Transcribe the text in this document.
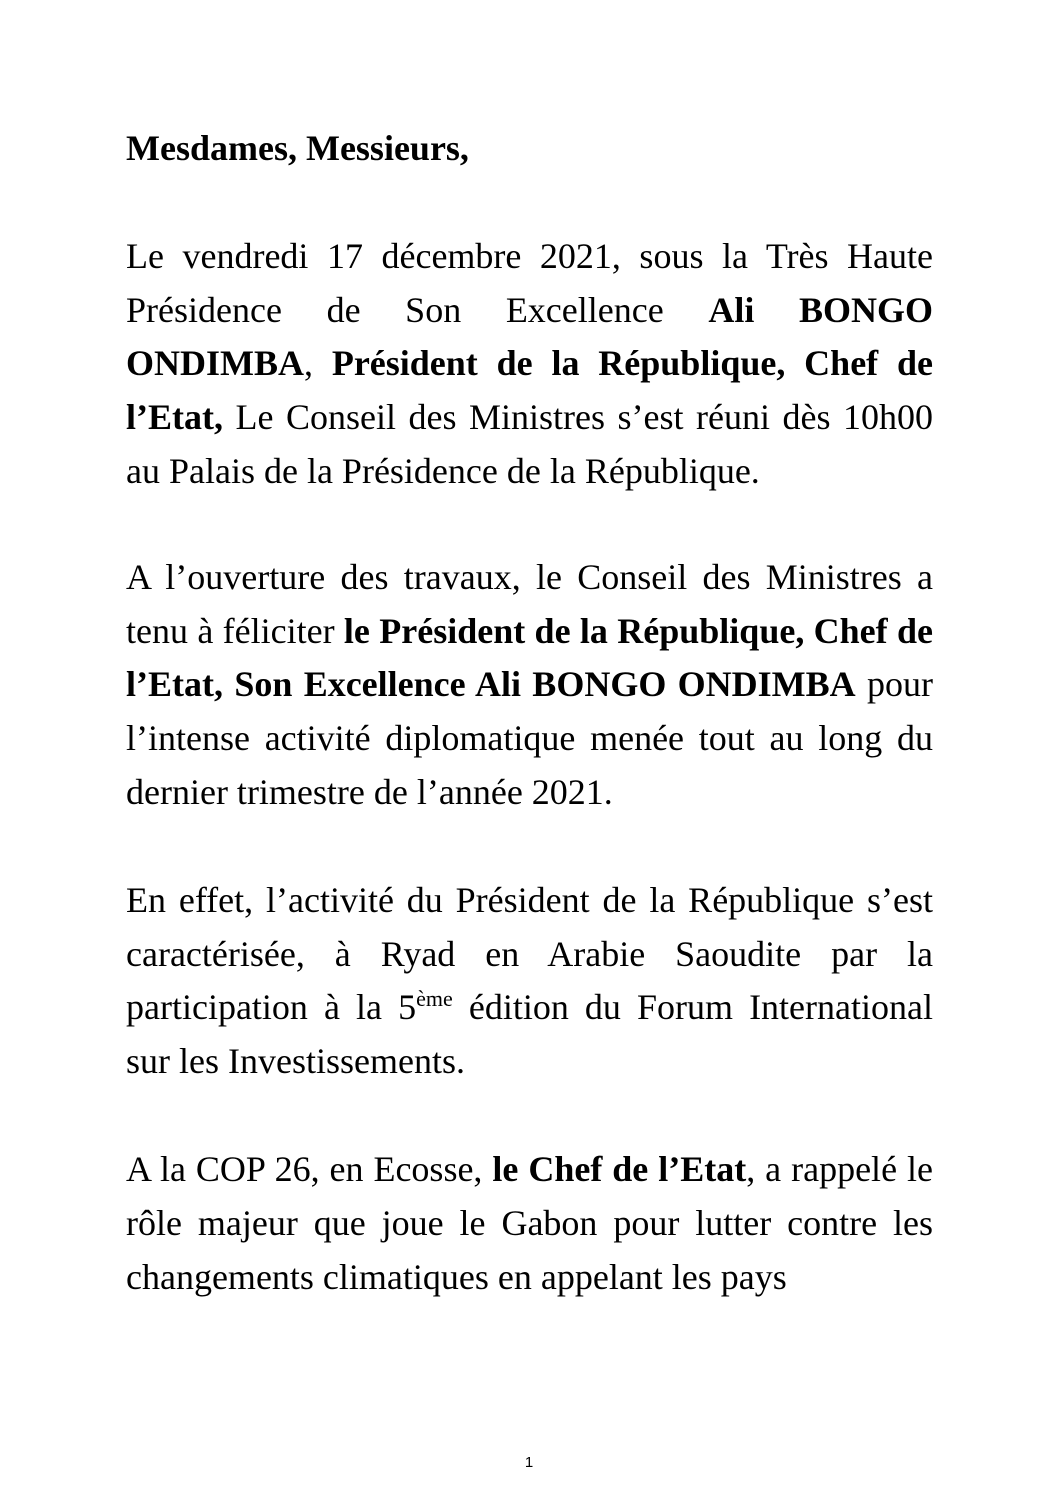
Mesdames, Messieurs,

Le vendredi 17 décembre 2021, sous la Très Haute Présidence de Son Excellence Ali BONGO ONDIMBA, Président de la République, Chef de l’Etat, Le Conseil des Ministres s’est réuni dès 10h00 au Palais de la Présidence de la République.

A l’ouverture des travaux, le Conseil des Ministres a tenu à féliciter le Président de la République, Chef de l’Etat, Son Excellence Ali BONGO ONDIMBA pour l’intense activité diplomatique menée tout au long du dernier trimestre de l’année 2021.

En effet, l’activité du Président de la République s’est caractérisée, à Ryad en Arabie Saoudite par la participation à la 5ème édition du Forum International sur les Investissements.

A la COP 26, en Ecosse, le Chef de l’Etat, a rappelé le rôle majeur que joue le Gabon pour lutter contre les changements climatiques en appelant les pays

1
